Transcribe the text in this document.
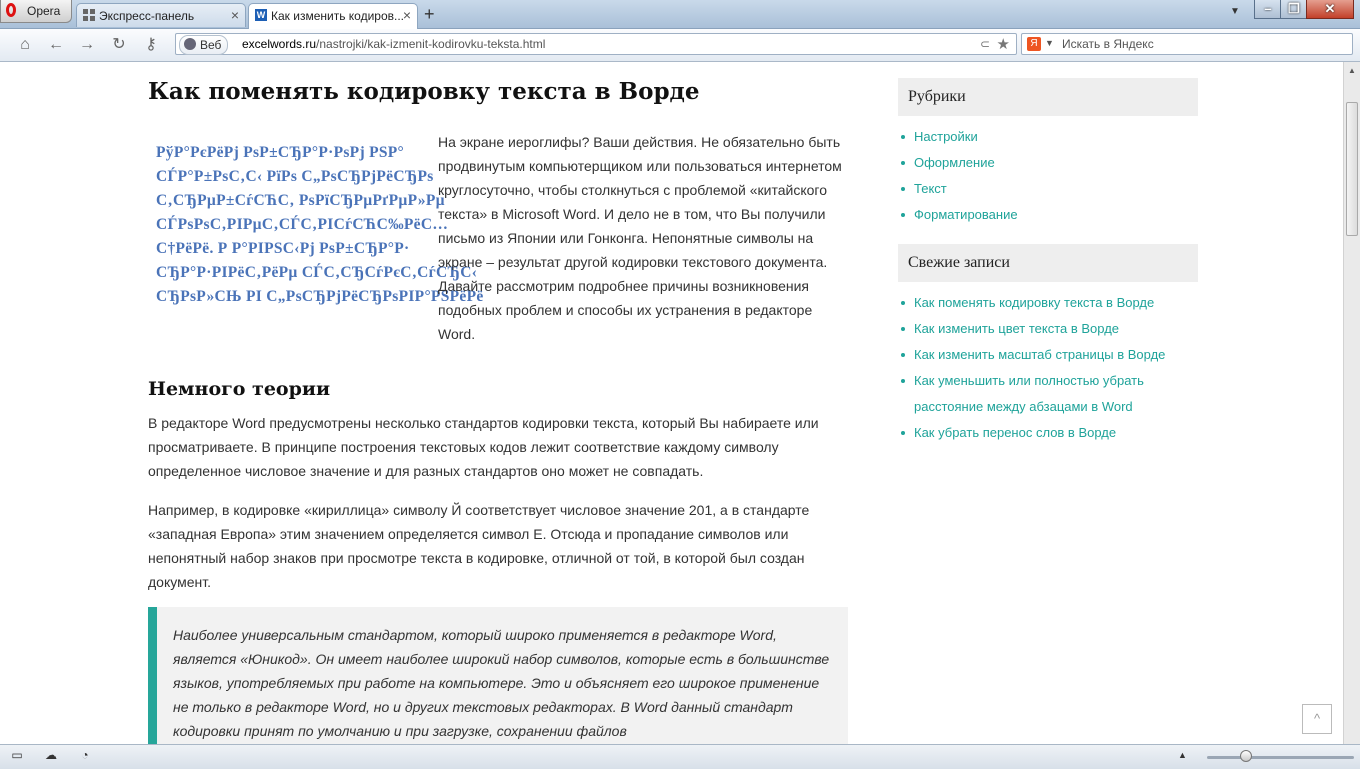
Opera	Экспресс-панель	× W Как изменить кодиров...
× +	▼	–	❐	✕
⌂	← → ↻	⚷	Веб	excelwords.ru/nastrojki/kak-izmenit-kodirovku-teksta.html	⊂ ★	Я ▼ Искать в Яндекс
Как поменять кодировку текста в Ворде
РўР°РєРёРј РѕР±СЂР°Р·РѕРј РЅР°
СЃР°Р±РѕС‚С‹ РїРѕ С„РѕСЂРјРёСЂРѕ
С‚СЂРµР±СѓСЋС‚ РѕРїСЂРµРґРµР»Рµ
СЃРѕРѕС‚РІРµС‚СЃС‚РІСѓСЋС‰РёС…
С†РёРё. Р Р°РІРЅС‹Рј РѕР±СЂР°Р·
СЂР°Р·РІРёС‚РёРµ СЃС‚СЂСѓРєС‚СѓСЂС‹
СЂРѕР»СЊ РІ С„РѕСЂРјРёСЂРѕРІР°РЅРёРё
На экране иероглифы? Ваши действия. Не обязательно быть продвинутым компьютерщиком или пользоваться интернетом круглосуточно, чтобы столкнуться с проблемой «китайского текста» в Microsoft Word. И дело не в том, что Вы получили письмо из Японии или Гонконга. Непонятные символы на экране – результат другой кодировки текстового документа. Давайте рассмотрим подробнее причины возникновения подобных проблем и способы их устранения в редакторе Word.
Немного теории
В редакторе Word предусмотрены несколько стандартов кодировки текста, который Вы набираете или просматриваете. В принципе построения текстовых кодов лежит соответствие каждому символу определенное числовое значение и для разных стандартов оно может не совпадать.
Например, в кодировке «кириллица» символу Й соответствует числовое значение 201, а в стандарте «западная Европа» этим значением определяется символ Е. Отсюда и пропадание символов или непонятный набор знаков при просмотре текста в кодировке, отличной от той, в которой был создан документ.
Наиболее универсальным стандартом, который широко применяется в редакторе Word, является «Юникод». Он имеет наиболее широкий набор символов, которые есть в большинстве языков, употребляемых при работе на компьютере. Это и объясняет его широкое применение не только в редакторе Word, но и других текстовых редакторах. В Word данный стандарт кодировки принят по умолчанию и при загрузке, сохранении файлов
Рубрики
Настройки
Оформление
Текст
Форматирование
Свежие записи
Как поменять кодировку текста в Ворде
Как изменить цвет текста в Ворде
Как изменить масштаб страницы в Ворде
Как уменьшить или полностью убрать расстояние между абзацами в Word
Как убрать перенос слов в Ворде
▲
^
▭ ☁ ◔	▲
